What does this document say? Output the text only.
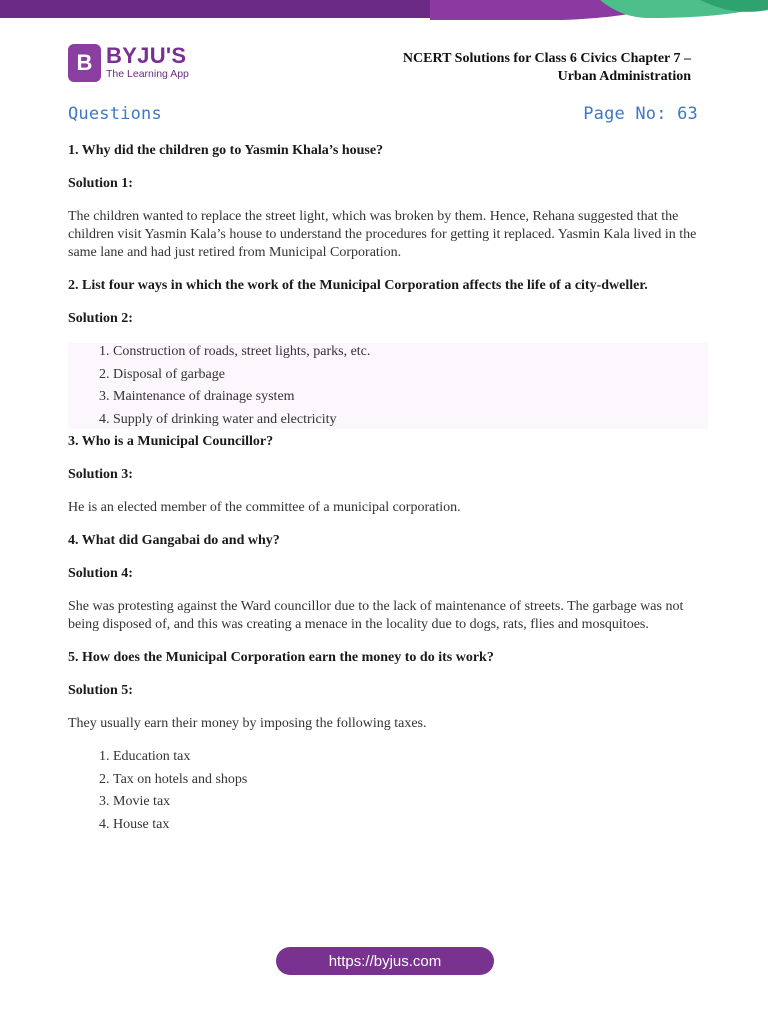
B BYJU'S
The Learning App
NCERT Solutions for Class 6 Civics Chapter 7 –
Urban Administration
Questions	Page No: 63

1. Why did the children go to Yasmin Khala’s house?

Solution 1:

The children wanted to replace the street light, which was broken by them. Hence, Rehana suggested that the children visit Yasmin Kala’s house to understand the procedures for getting it replaced. Yasmin Kala lived in the same lane and had just retired from Municipal Corporation.

2. List four ways in which the work of the Municipal Corporation affects the life of a city-dweller.

Solution 2:

1. Construction of roads, street lights, parks, etc.
2. Disposal of garbage
3. Maintenance of drainage system
4. Supply of drinking water and electricity

3. Who is a Municipal Councillor?

Solution 3:

He is an elected member of the committee of a municipal corporation.

4. What did Gangabai do and why?

Solution 4:

She was protesting against the Ward councillor due to the lack of maintenance of streets. The garbage was not being disposed of, and this was creating a menace in the locality due to dogs, rats, flies and mosquitoes.

5. How does the Municipal Corporation earn the money to do its work?

Solution 5:

They usually earn their money by imposing the following taxes.

1. Education tax
2. Tax on hotels and shops
3. Movie tax
4. House tax
https://byjus.com
